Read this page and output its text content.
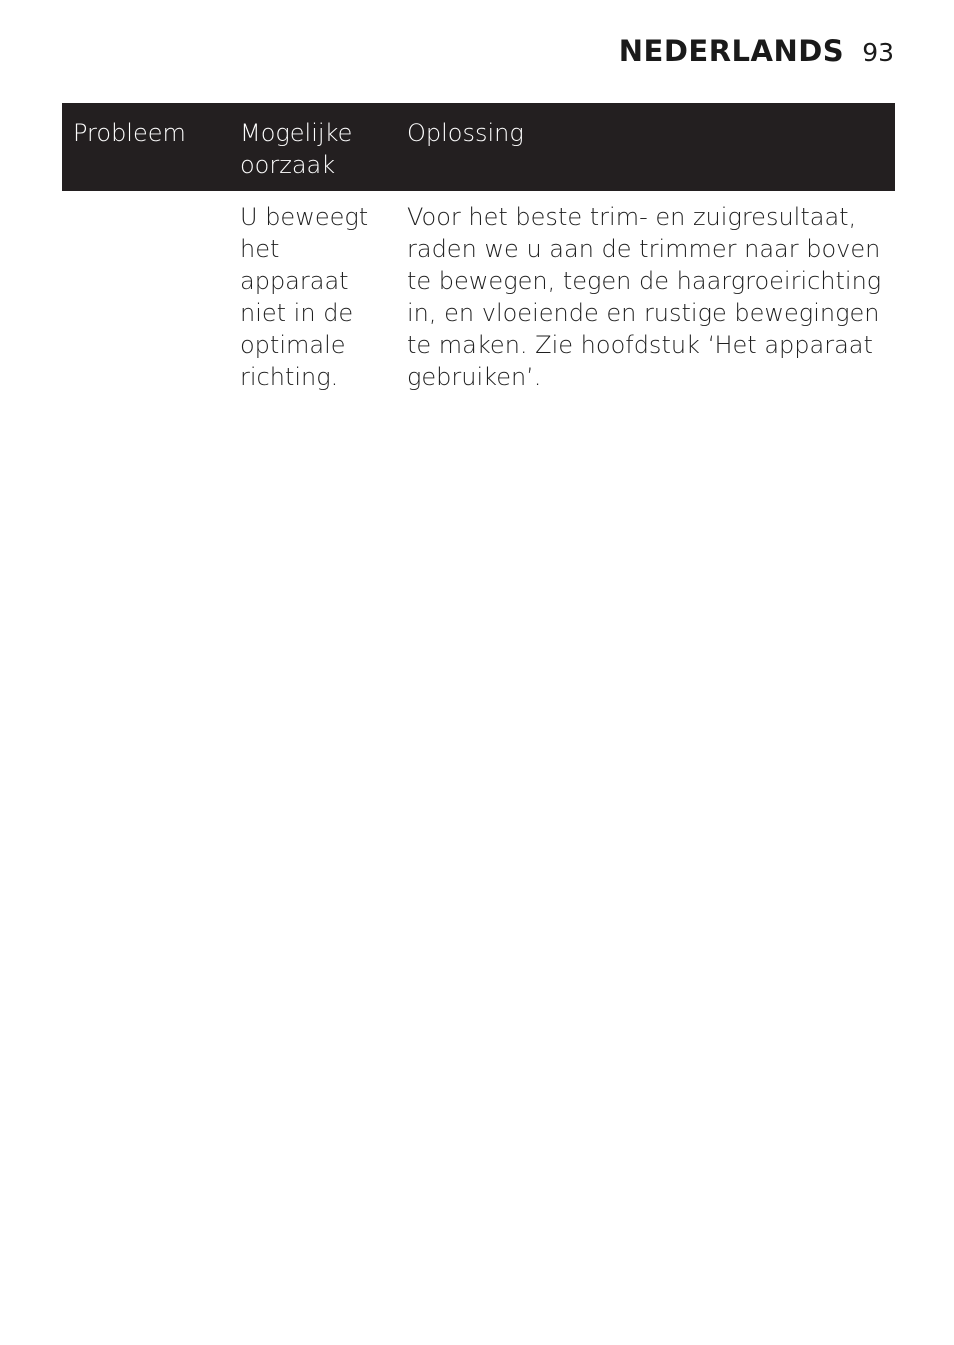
NEDERLANDS 93
Probleem	Mogelijke oorzaak
Oplossing
U beweegt het apparaat niet in de optimale richting.
Voor het beste trim- en zuigresultaat, raden we u aan de trimmer naar boven te bewegen, tegen de haargroeirichting in, en vloeiende en rustige bewegingen te maken. Zie hoofdstuk ‘Het apparaat gebruiken’.
